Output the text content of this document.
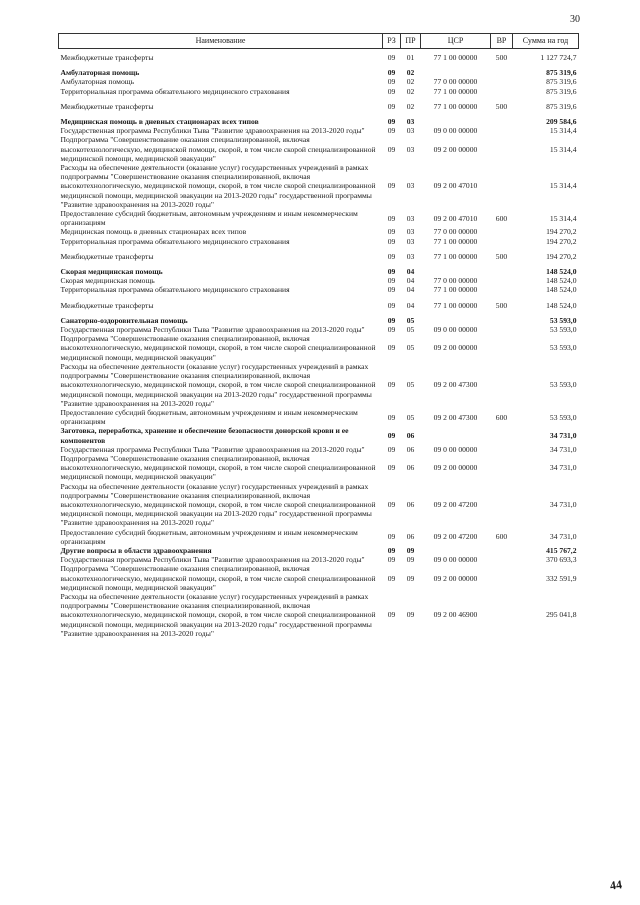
30
Наименование	РЗ	ПР	ЦСР	ВР	Сумма на год
Межбюджетные трансферты	09	01	77 1 00 00000	500	1 127 724,7

Амбулаторная помощь	09	02			875 319,6
Амбулаторная помощь	09	02	77 0 00 00000		875 319,6
Территориальная программа обязательного медицинского страхования	09	02	77 1 00 00000		875 319,6

Межбюджетные трансферты	09	02	77 1 00 00000	500	875 319,6

Медицинская помощь в дневных стационарах всех типов	09	03			209 584,6
Государственная программа Республики Тыва "Развитие здравоохранения на 2013-2020 годы"	09	03	09 0 00 00000		15 314,4
Подпрограмма "Совершенствование оказания специализированной, включая высокотехнологическую, медицинской помощи, скорой, в том числе скорой специализированной медицинской помощи, медицинской эвакуации"	09	03	09 2 00 00000		15 314,4
Расходы на обеспечение деятельности (оказание услуг) государственных учреждений в рамках подпрограммы "Совершенствование оказания специализированной, включая высокотехнологическую, медицинской помощи, скорой, в том числе скорой специализированной медицинской помощи, медицинской эвакуации на 2013-2020 годы" государственной программы "Развитие здравоохранения на 2013-2020 годы"	09	03	09 2 00 47010		15 314,4
Предоставление субсидий бюджетным, автономным учреждениям и иным некоммерческим организациям	09	03	09 2 00 47010	600	15 314,4
Медицинская помощь в дневных стационарах всех типов	09	03	77 0 00 00000		194 270,2
Территориальная программа обязательного медицинского страхования	09	03	77 1 00 00000		194 270,2

Межбюджетные трансферты	09	03	77 1 00 00000	500	194 270,2

Скорая медицинская помощь	09	04			148 524,0
Скорая медицинская помощь	09	04	77 0 00 00000		148 524,0
Территориальная программа обязательного медицинского страхования	09	04	77 1 00 00000		148 524,0

Межбюджетные трансферты	09	04	77 1 00 00000	500	148 524,0

Санаторно-оздоровительная помощь	09	05			53 593,0
Государственная программа Республики Тыва "Развитие здравоохранения на 2013-2020 годы"	09	05	09 0 00 00000		53 593,0
Подпрограмма "Совершенствование оказания специализированной, включая высокотехнологическую, медицинской помощи, скорой, в том числе скорой специализированной медицинской помощи, медицинской эвакуации"	09	05	09 2 00 00000		53 593,0
Расходы на обеспечение деятельности (оказание услуг) государственных учреждений в рамках подпрограммы "Совершенствование оказания специализированной, включая высокотехнологическую, медицинской помощи, скорой, в том числе скорой специализированной медицинской помощи, медицинской эвакуации на 2013-2020 годы" государственной программы "Развитие здравоохранения на 2013-2020 годы"	09	05	09 2 00 47300		53 593,0
Предоставление субсидий бюджетным, автономным учреждениям и иным некоммерческим организациям	09	05	09 2 00 47300	600	53 593,0
Заготовка, переработка, хранение и обеспечение безопасности донорской крови и ее компонентов	09	06			34 731,0
Государственная программа Республики Тыва "Развитие здравоохранения на 2013-2020 годы"	09	06	09 0 00 00000		34 731,0
Подпрограмма "Совершенствование оказания специализированной, включая высокотехнологическую, медицинской помощи, скорой, в том числе скорой специализированной медицинской помощи, медицинской эвакуации"	09	06	09 2 00 00000		34 731,0
Расходы на обеспечение деятельности (оказание услуг) государственных учреждений в рамках подпрограммы "Совершенствование оказания специализированной, включая высокотехнологическую, медицинской помощи, скорой, в том числе скорой специализированной медицинской помощи, медицинской эвакуации на 2013-2020 годы" государственной программы "Развитие здравоохранения на 2013-2020 годы"	09	06	09 2 00 47200		34 731,0
Предоставление субсидий бюджетным, автономным учреждениям и иным некоммерческим организациям	09	06	09 2 00 47200	600	34 731,0
Другие вопросы в области здравоохранения	09	09			415 767,2
Государственная программа Республики Тыва "Развитие здравоохранения на 2013-2020 годы"	09	09	09 0 00 00000		370 693,3
Подпрограмма "Совершенствование оказания специализированной, включая высокотехнологическую, медицинской помощи, скорой, в том числе скорой специализированной медицинской помощи, медицинской эвакуации"	09	09	09 2 00 00000		332 591,9
Расходы на обеспечение деятельности (оказание услуг) государственных учреждений в рамках подпрограммы "Совершенствование оказания специализированной, включая высокотехнологическую, медицинской помощи, скорой, в том числе скорой специализированной медицинской помощи, медицинской эвакуации на 2013-2020 годы" государственной программы "Развитие здравоохранения на 2013-2020 годы"	09	09	09 2 00 46900		295 041,8
44
